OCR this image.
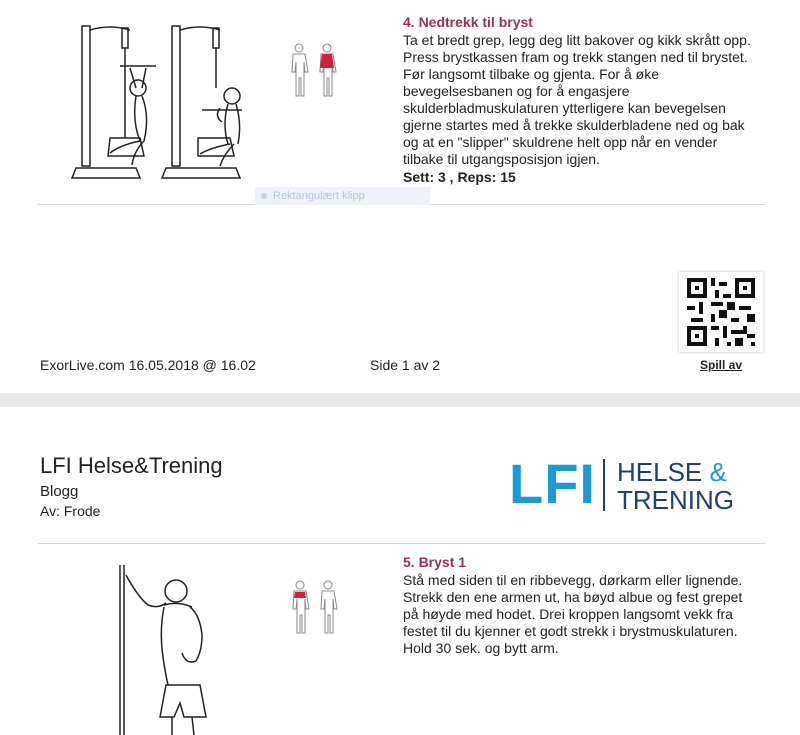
4. Nedtrekk til bryst
Ta et bredt grep, legg deg litt bakover og kikk skrått opp.
Press brystkassen fram og trekk stangen ned til brystet.
Før langsomt tilbake og gjenta. For å øke
bevegelsesbanen og for å engasjere
skulderbladmuskulaturen ytterligere kan bevegelsen
gjerne startes med å trekke skulderbladene ned og bak
og at en "slipper" skuldrene helt opp når en vender
tilbake til utgangsposisjon igjen.
Sett: 3 , Reps: 15
Rektangulært klipp
Spill av
ExorLive.com 16.05.2018 @ 16.02	Side 1 av 2
LFI Helse&Trening
Blogg
Av: Frode	LFI HELSE &
TRENING
5. Bryst 1
Stå med siden til en ribbevegg, dørkarm eller lignende.
Strekk den ene armen ut, ha bøyd albue og fest grepet
på høyde med hodet. Drei kroppen langsomt vekk fra
festet til du kjenner et godt strekk i brystmuskulaturen.
Hold 30 sek. og bytt arm.
